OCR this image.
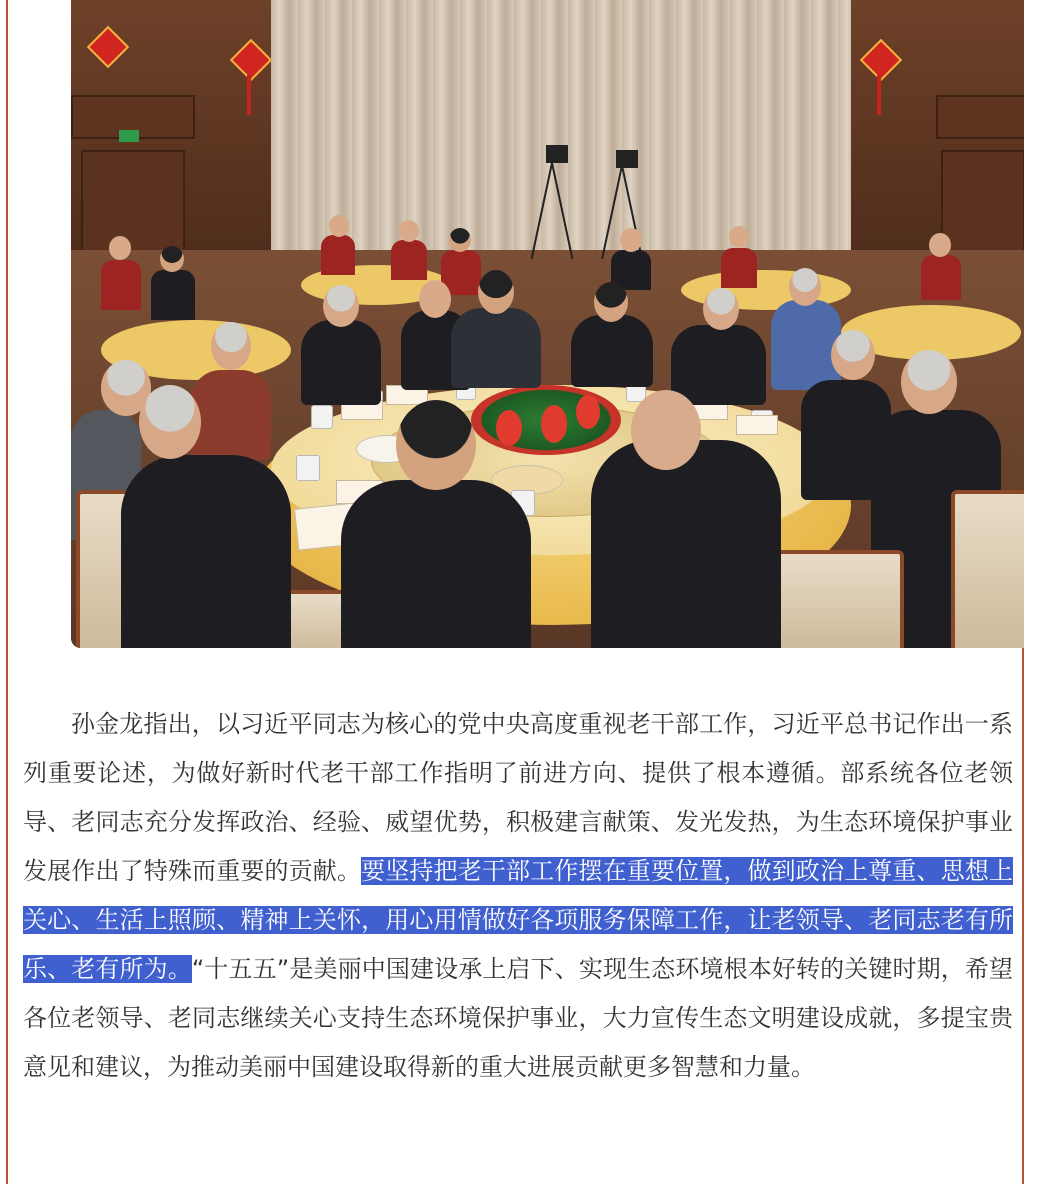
孙金龙指出，以习近平同志为核心的党中央高度重视老干部工作，习近平总书记作出一系列重要论述，为做好新时代老干部工作指明了前进方向、提供了根本遵循。部系统各位老领导、老同志充分发挥政治、经验、威望优势，积极建言献策、发光发热，为生态环境保护事业发展作出了特殊而重要的贡献。要坚持把老干部工作摆在重要位置，做到政治上尊重、思想上关心、生活上照顾、精神上关怀，用心用情做好各项服务保障工作，让老领导、老同志老有所乐、老有所为。“十五五”是美丽中国建设承上启下、实现生态环境根本好转的关键时期，希望各位老领导、老同志继续关心支持生态环境保护事业，大力宣传生态文明建设成就，多提宝贵意见和建议，为推动美丽中国建设取得新的重大进展贡献更多智慧和力量。
